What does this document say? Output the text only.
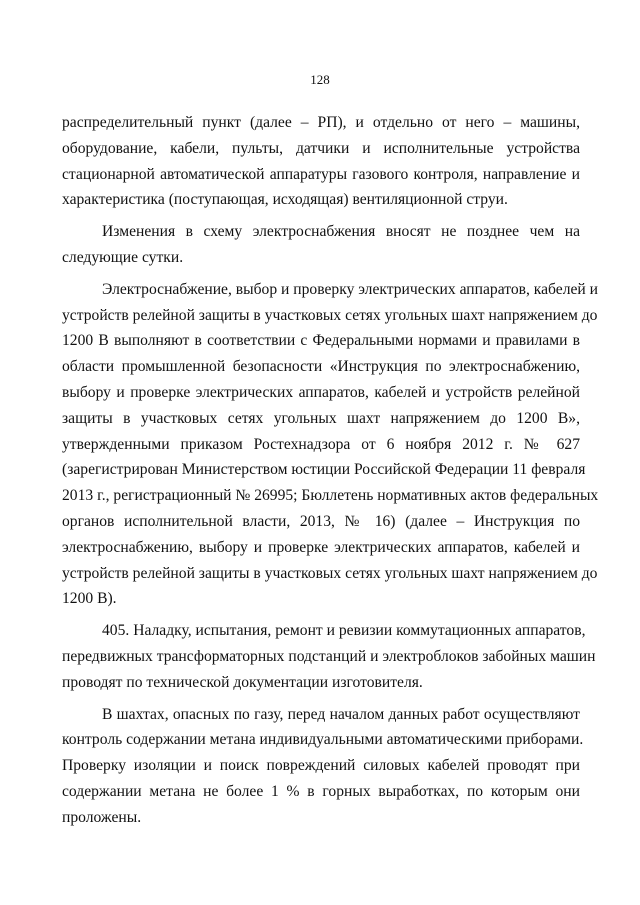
128
распределительный пункт (далее – РП), и отдельно от него – машины,
оборудование, кабели, пульты, датчики и исполнительные устройства
стационарной автоматической аппаратуры газового контроля, направление и
характеристика (поступающая, исходящая) вентиляционной струи.
Изменения в схему электроснабжения вносят не позднее чем на
следующие сутки.
Электроснабжение, выбор и проверку электрических аппаратов, кабелей и
устройств релейной защиты в участковых сетях угольных шахт напряжением до
1200 В выполняют в соответствии с Федеральными нормами и правилами в
области промышленной безопасности «Инструкция по электроснабжению,
выбору и проверке электрических аппаратов, кабелей и устройств релейной
защиты в участковых сетях угольных шахт напряжением до 1200 В»,
утвержденными приказом Ростехнадзора от 6 ноября 2012 г. № 627
(зарегистрирован Министерством юстиции Российской Федерации 11 февраля
2013 г., регистрационный № 26995; Бюллетень нормативных актов федеральных
органов исполнительной власти, 2013, № 16) (далее – Инструкция по
электроснабжению, выбору и проверке электрических аппаратов, кабелей и
устройств релейной защиты в участковых сетях угольных шахт напряжением до
1200 В).
405. Наладку, испытания, ремонт и ревизии коммутационных аппаратов,
передвижных трансформаторных подстанций и электроблоков забойных машин
проводят по технической документации изготовителя.
В шахтах, опасных по газу, перед началом данных работ осуществляют
контроль содержании метана индивидуальными автоматическими приборами.
Проверку изоляции и поиск повреждений силовых кабелей проводят при
содержании метана не более 1 % в горных выработках, по которым они
проложены.
